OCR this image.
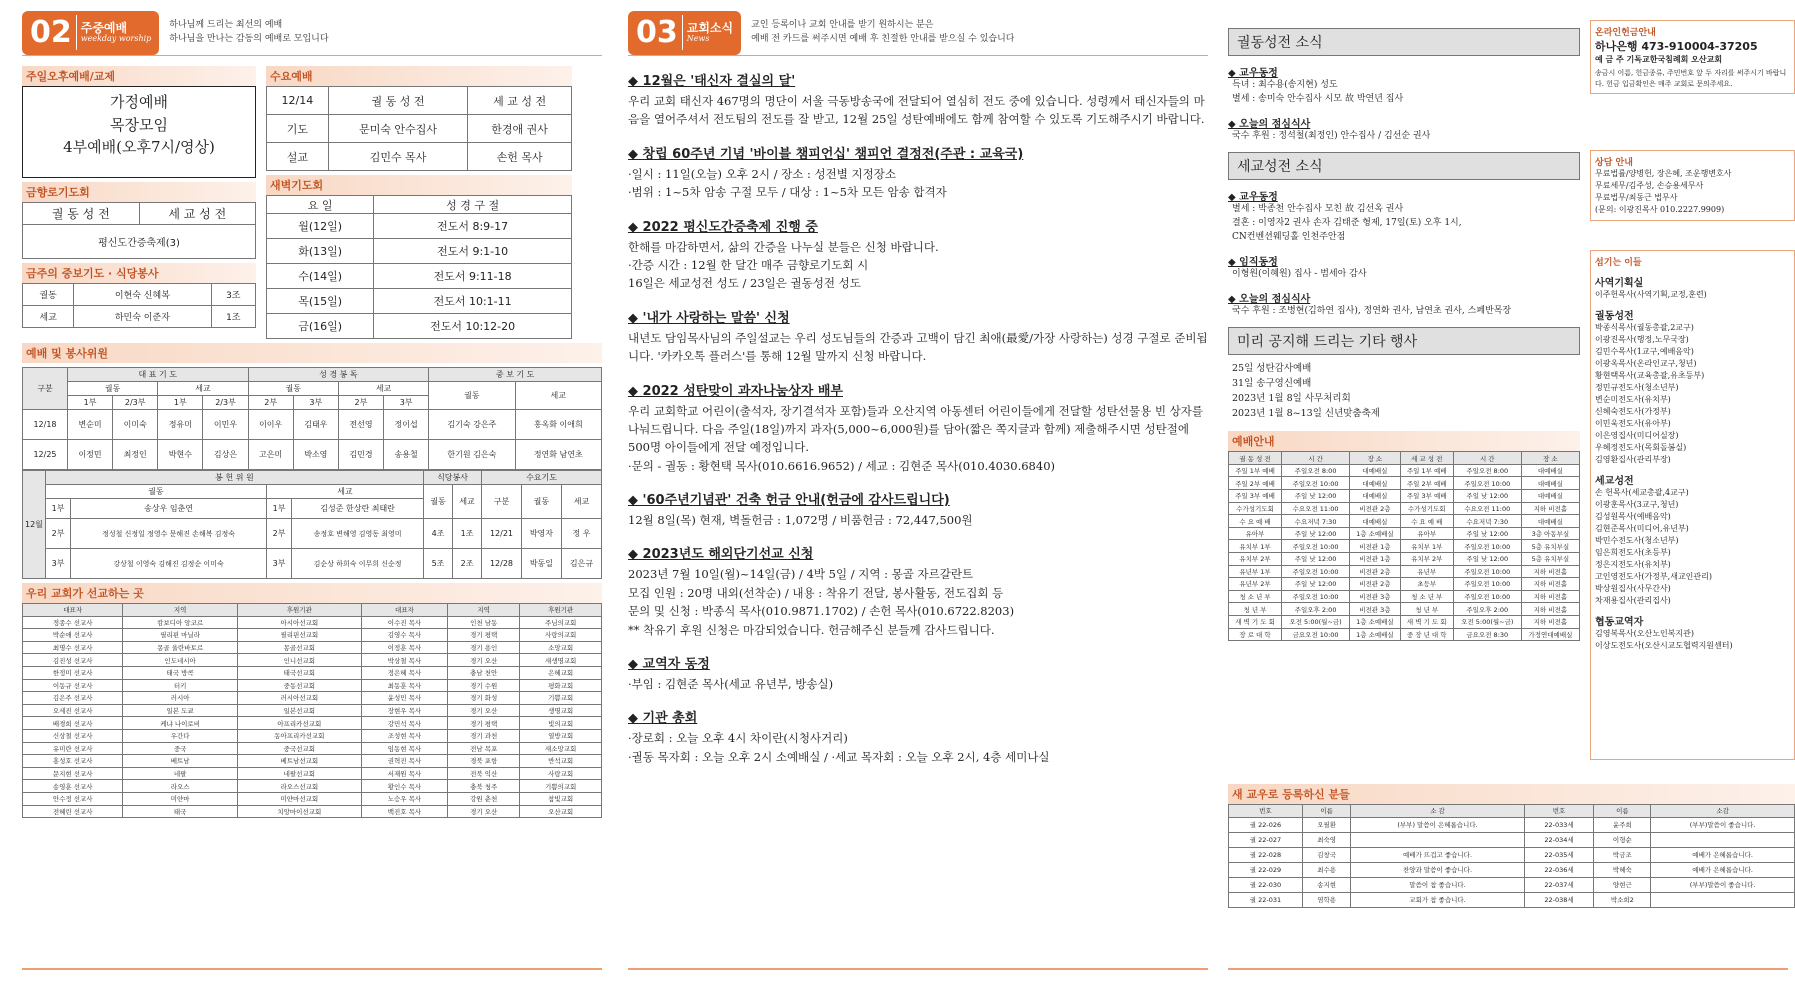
02 주중예배
weekday worship
하나님께 드리는 최선의 예배
하나님을 만나는 감동의 예배로 모입니다
주일오후예배/교제
가정예배
목장모임
4부예배(오후7시/영상)
금향로기도회
궐 동 성 전	세 교 성 전
평신도간증축제(3)
금주의 중보기도 · 식당봉사
궐동	이현숙 신혜복	3조
세교	하민숙 이준자	1조
수요예배
12/14	궐 동 성 전	세 교 성 전
기도	문미숙 안수집사	한경애 권사
설교	김민수 목사	손헌 목사
새벽기도회
요 일	성 경 구 절
월(12일)	전도서 8:9-17
화(13일)	전도서 9:1-10
수(14일)	전도서 9:11-18
목(15일)	전도서 10:1-11
금(16일)	전도서 10:12-20
예배 및 봉사위원
구분	대 표 기 도				성 경 봉 독				중 보 기 도	
	궐동		세교		궐동		세교		궐동	세교
	1부	2/3부	1부	2/3부	2부	3부	2부	3부		
12/18	변순미	이미숙	정유미	이민우	이이우	김태우	전선영	정이섭	김기숙 강은주	홍옥화 이애희
12/25	이정민	최정인	박현수	김상은	고은미	박소영	김민경	송용철	한기원 김은숙	정연화 남연초
12월	봉 헌 위 원				식당봉사		수요기도		
	궐동		세교		궐동	세교	구분	궐동	세교
	1부	송상우 임춘연	1부	김성준 한상란 최태란					
	2부	정성철 신정일 정영수 문해진 손해복 김정숙	2부	송정호 변해영 김영동 최영미	4조	1조	12/21	박영자	정 우
	3부	강상철 이영숙 김해진 김정순 이미숙	3부	김순상 하희숙 이무희 신순정	5조	2조	12/28	박동일	김은규
우리 교회가 선교하는 곳
대표자	지역	후원기관	대표자	지역	후원기관
정종수 선교사	캄보디아 앙코르	아시아선교회	이수진 목사	인천 남동	주님의교회
박순애 선교사	필리핀 마닐라	필리핀선교회	김영수 목사	경기 평택	사랑의교회
최명수 선교사	몽골 울란바토르	몽골선교회	이정훈 목사	경기 용인	소망교회
김진성 선교사	인도네시아	인니선교회	박상철 목사	경기 오산	새생명교회
한정미 선교사	태국 방콕	태국선교회	정은혜 목사	충남 천안	은혜교회
이동규 선교사	터키	중동선교회	최동훈 목사	경기 수원	평화교회
김은주 선교사	러시아	러시아선교회	윤성민 목사	경기 화성	기쁨교회
오세진 선교사	일본 도쿄	일본선교회	장현우 목사	경기 오산	생명교회
배경희 선교사	케냐 나이로비	아프리카선교회	강민석 목사	경기 평택	빛의교회
신상철 선교사	우간다	동아프리카선교회	조성현 목사	경기 과천	열방교회
유미란 선교사	중국	중국선교회	임동현 목사	전남 목포	새소망교회
홍성호 선교사	베트남	베트남선교회	권혁진 목사	경북 포항	반석교회
문지현 선교사	네팔	네팔선교회	서재원 목사	전북 익산	사랑교회
송영훈 선교사	라오스	라오스선교회	황인수 목사	충북 청주	기쁨의교회
안수정 선교사	미얀마	미얀마선교회	노승우 목사	강원 춘천	참빛교회
전혜린 선교사	태국	치앙마이선교회	백진호 목사	경기 오산	오산교회
03 교회소식
News
교인 등록이나 교회 안내를 받기 원하시는 분은
예배 전 카드를 써주시면 예배 후 친절한 안내를 받으실 수 있습니다
◆ 12월은 '태신자 결실의 달'

우리 교회 태신자 467명의 명단이 서울 극동방송국에 전달되어 열심히 전도 중에 있습니다. 성령께서 태신자들의 마음을 열어주셔서 전도팀의 전도를 잘 받고, 12월 25일 성탄예배에도 함께 참여할 수 있도록 기도해주시기 바랍니다.

◆ 창립 60주년 기념 '바이블 챔피언십' 챔피언 결정전(주관 : 교육국)

·일시 : 11일(오늘) 오후 2시 / 장소 : 성전별 지정장소
·범위 : 1~5차 암송 구절 모두 / 대상 : 1~5차 모든 암송 합격자

◆ 2022 평신도간증축제 진행 중

한해를 마감하면서, 삶의 간증을 나누실 분들은 신청 바랍니다.
·간증 시간 : 12월 한 달간 매주 금향로기도회 시
16일은 세교성전 성도 / 23일은 궐동성전 성도

◆ '내가 사랑하는 말씀' 신청

내년도 담임목사님의 주일설교는 우리 성도님들의 간증과 고백이 담긴 최애(最愛/가장 사랑하는) 성경 구절로 준비됩니다. '카카오톡 플러스'를 통해 12월 말까지 신청 바랍니다.

◆ 2022 성탄맞이 과자나눔상자 배부

우리 교회학교 어린이(출석자, 장기결석자 포함)들과 오산지역 아동센터 어린이들에게 전달할 성탄선물용 빈 상자를 나눠드립니다. 다음 주일(18일)까지 과자(5,000~6,000원)를 담아(짧은 쪽지글과 함께) 제출해주시면 성탄절에 500명 아이들에게 전달 예정입니다.
·문의 - 궐동 : 황현택 목사(010.6616.9652) / 세교 : 김현준 목사(010.4030.6840)

◆ '60주년기념관' 건축 헌금 안내(헌금에 감사드립니다)

12월 8일(목) 현재, 벽돌헌금 : 1,072명 / 비품헌금 : 72,447,500원

◆ 2023년도 해외단기선교 신청

2023년 7월 10일(월)~14일(금) / 4박 5일 / 지역 : 몽골 자르갈란트
모집 인원 : 20명 내외(선착순) / 내용 : 착유기 전달, 봉사활동, 전도집회 등
문의 및 신청 : 박종식 목사(010.9871.1702) / 손헌 목사(010.6722.8203)
** 착유기 후원 신청은 마감되었습니다. 헌금해주신 분들께 감사드립니다.

◆ 교역자 동정

·부임 : 김현준 목사(세교 유년부, 방송실)

◆ 기관 총회

·장로회 : 오늘 오후 4시 차이란(시청사거리)
·궐동 목자회 : 오늘 오후 2시 소예배실 / ·세교 목자회 : 오늘 오후 2시, 4층 세미나실

궐동성전 소식
◆ 교우동정

득녀 : 최수용(송지현) 성도
별세 : 송미숙 안수집사 시모 故 박연년 집사

◆ 오늘의 점심식사

국수 후원 : 정석철(최정인) 안수집사 / 김선순 권사

세교성전 소식
◆ 교우동정

별세 : 박종천 안수집사 모친 故 김선옥 권사
결혼 : 이영자2 권사 손자 김태준 형제, 17일(토) 오후 1시,
CN컨벤션웨딩홀 인천주안점

◆ 임직동정

이형원(이혜원) 집사 - 범세아 감사

◆ 오늘의 점심식사

국수 후원 : 조병현(김하연 집사), 정연화 권사, 남연초 권사, 스페반목장

미리 공지해 드리는 기타 행사
25일 성탄감사예배
31일 송구영신예배
2023년 1월 8일 사무처리회
2023년 1월 8~13일 신년맞춤축제
예배안내
궐 동 성 전	시 간	장 소	세 교 성 전	시 간	장 소
주일 1부 예배	주일오전 8:00	대예배실	주일 1부 예배	주일오전 8:00	대예배실
주일 2부 예배	주일오전 10:00	대예배실	주일 2부 예배	주일오전 10:00	대예배실
주일 3부 예배	주일 낮 12:00	대예배실	주일 3부 예배	주일 낮 12:00	대예배실
수가성기도회	수요오전 11:00	비전관 2층	수가성기도회	수요오전 11:00	지하 비전홀
수 요 예 배	수요저녁 7:30	대예배실	수 요 예 배	수요저녁 7:30	대예배실
유아부	주일 낮 12:00	1층 소예배실	유아부	주일 낮 12:00	3층 아동부실
유치부 1부	주일오전 10:00	비전관 1층	유치부 1부	주일오전 10:00	5층 유치부실
유치부 2부	주일 낮 12:00	비전관 1층	유치부 2부	주일 낮 12:00	5층 유치부실
유년부 1부	주일오전 10:00	비전관 2층	유년부	주일오전 10:00	지하 비전홀
유년부 2부	주일 낮 12:00	비전관 2층	초등부	주일오전 10:00	지하 비전홀
청 소 년 부	주일오전 10:00	비전관 3층	청 소 년 부	주일오전 10:00	지하 비전홀
청 년 부	주일오후 2:00	비전관 3층	청 년 부	주일오후 2:00	지하 비전홀
새 벽 기 도 회	오전 5:00(월~금)	1층 소예배실	새 벽 기 도 회	오전 5:00(월~금)	지하 비전홀
장 로 대 학	금요오전 10:00	1층 소예배실	중 장 년 대 학	금요오전 8:30	가정연대예배실
온라인헌금안내
하나은행 473-910004-37205
예 금 주 기독교한국침례회 오산교회

송금시 이름, 헌금종류, 주민번호 앞 두 자리를 써주시기 바랍니다. 헌금 입금확인은 매주 교회로 문의주세요.

상담 안내

무료법률/양병헌, 장은혜, 조운행변호사

무료세무/김주성, 손승용세무사

무료법무/최동근 법무사

(문의: 이광진목사 010.2227.9909)

섬기는 이들
사역기획실

이주헌목사(사역기획,교정,훈련)

궐동성전

박종식목사(궐동총괄,2교구)

이광진목사(행정,노무국장)

김민수목사(1교구,예배음악)

이광옥목사(온라인교구,청년)

황현택목사(교육총괄,유초등부)

정민규전도사(청소년부)

변순미전도사(유치부)

신혜숙전도사(가정부)

이민욱전도사(유아부)

이은영집사(미디어실장)

우혜정전도사(목회돌봄실)

김영환집사(관리부장)

세교성전

손 헌목사(세교총괄,4교구)

이광훈목사(3교구,청년)

김성원목사(예배음악)

김현준목사(미디어,유년부)

박민수전도사(청소년부)

임은희전도사(초등부)

정은지전도사(유치부)

고인영전도사(가정부,새교인관리)

박상원집사(사무간사)

차재용집사(관리집사)

협동교역자

김영복목사(오산노인복지관)

이상도전도사(오산시교도협력지원센터)

새 교우로 등록하신 분들
번호	이름	소 감	번호	이름	소감
궐 22-026	오필환	(부부) 말씀이 은혜롭습니다.	22-033세	윤주희	(부부)말씀이 좋습니다.
궐 22-027	최숙영		22-034세	이형순	
궐 22-028	김창국	예배가 뜨겁고 좋습니다.	22-035세	박금조	예배가 은혜롭습니다.
궐 22-029	최수용	찬양과 말씀이 좋습니다.	22-036세	박혜숙	예배가 은혜롭습니다.
궐 22-030	송지현	말씀이 참 좋습니다.	22-037세	양현근	(부부)말씀이 좋습니다.
궐 22-031	염학용	교회가 참 좋습니다.	22-038세	박소희2	
